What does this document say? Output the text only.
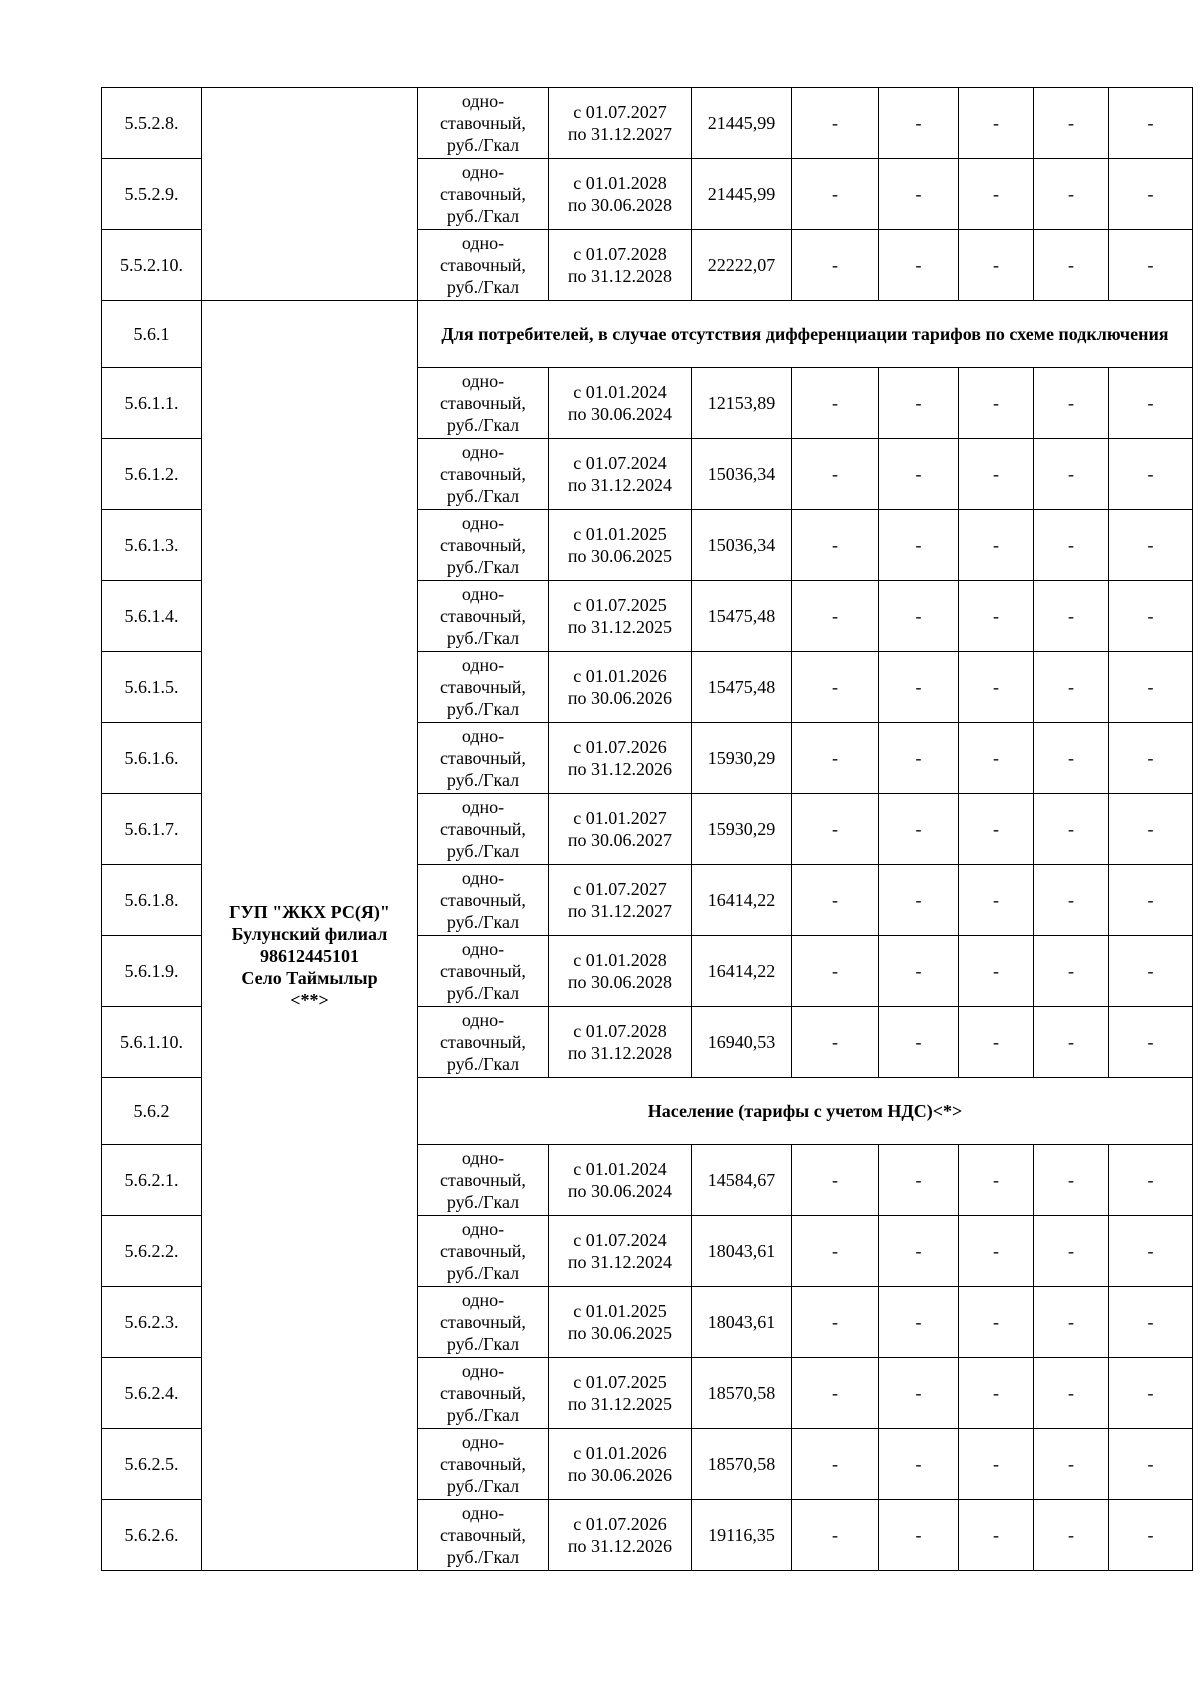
5.5.2.8.		одно-
ставочный,
руб./Гкал	с 01.07.2027
по 31.12.2027	21445,99	-	-	-	-	-
5.5.2.9.		одно-
ставочный,
руб./Гкал	с 01.01.2028
по 30.06.2028	21445,99	-	-	-	-	-
5.5.2.10.		одно-
ставочный,
руб./Гкал	с 01.07.2028
по 31.12.2028	22222,07	-	-	-	-	-
5.6.1	ГУП "ЖКХ РС(Я)"
Булунский филиал
98612445101
Село Таймылыр
<**>	Для потребителей, в случае отсутствия дифференциации тарифов по схеме подключения							
5.6.1.1.		одно-
ставочный,
руб./Гкал	с 01.01.2024
по 30.06.2024	12153,89	-	-	-	-	-
5.6.1.2.		одно-
ставочный,
руб./Гкал	с 01.07.2024
по 31.12.2024	15036,34	-	-	-	-	-
5.6.1.3.		одно-
ставочный,
руб./Гкал	с 01.01.2025
по 30.06.2025	15036,34	-	-	-	-	-
5.6.1.4.		одно-
ставочный,
руб./Гкал	с 01.07.2025
по 31.12.2025	15475,48	-	-	-	-	-
5.6.1.5.		одно-
ставочный,
руб./Гкал	с 01.01.2026
по 30.06.2026	15475,48	-	-	-	-	-
5.6.1.6.		одно-
ставочный,
руб./Гкал	с 01.07.2026
по 31.12.2026	15930,29	-	-	-	-	-
5.6.1.7.		одно-
ставочный,
руб./Гкал	с 01.01.2027
по 30.06.2027	15930,29	-	-	-	-	-
5.6.1.8.		одно-
ставочный,
руб./Гкал	с 01.07.2027
по 31.12.2027	16414,22	-	-	-	-	-
5.6.1.9.		одно-
ставочный,
руб./Гкал	с 01.01.2028
по 30.06.2028	16414,22	-	-	-	-	-
5.6.1.10.		одно-
ставочный,
руб./Гкал	с 01.07.2028
по 31.12.2028	16940,53	-	-	-	-	-
5.6.2		Население (тарифы с учетом НДС)<*>							
5.6.2.1.		одно-
ставочный,
руб./Гкал	с 01.01.2024
по 30.06.2024	14584,67	-	-	-	-	-
5.6.2.2.		одно-
ставочный,
руб./Гкал	с 01.07.2024
по 31.12.2024	18043,61	-	-	-	-	-
5.6.2.3.		одно-
ставочный,
руб./Гкал	с 01.01.2025
по 30.06.2025	18043,61	-	-	-	-	-
5.6.2.4.		одно-
ставочный,
руб./Гкал	с 01.07.2025
по 31.12.2025	18570,58	-	-	-	-	-
5.6.2.5.		одно-
ставочный,
руб./Гкал	с 01.01.2026
по 30.06.2026	18570,58	-	-	-	-	-
5.6.2.6.		одно-
ставочный,
руб./Гкал	с 01.07.2026
по 31.12.2026	19116,35	-	-	-	-	-
